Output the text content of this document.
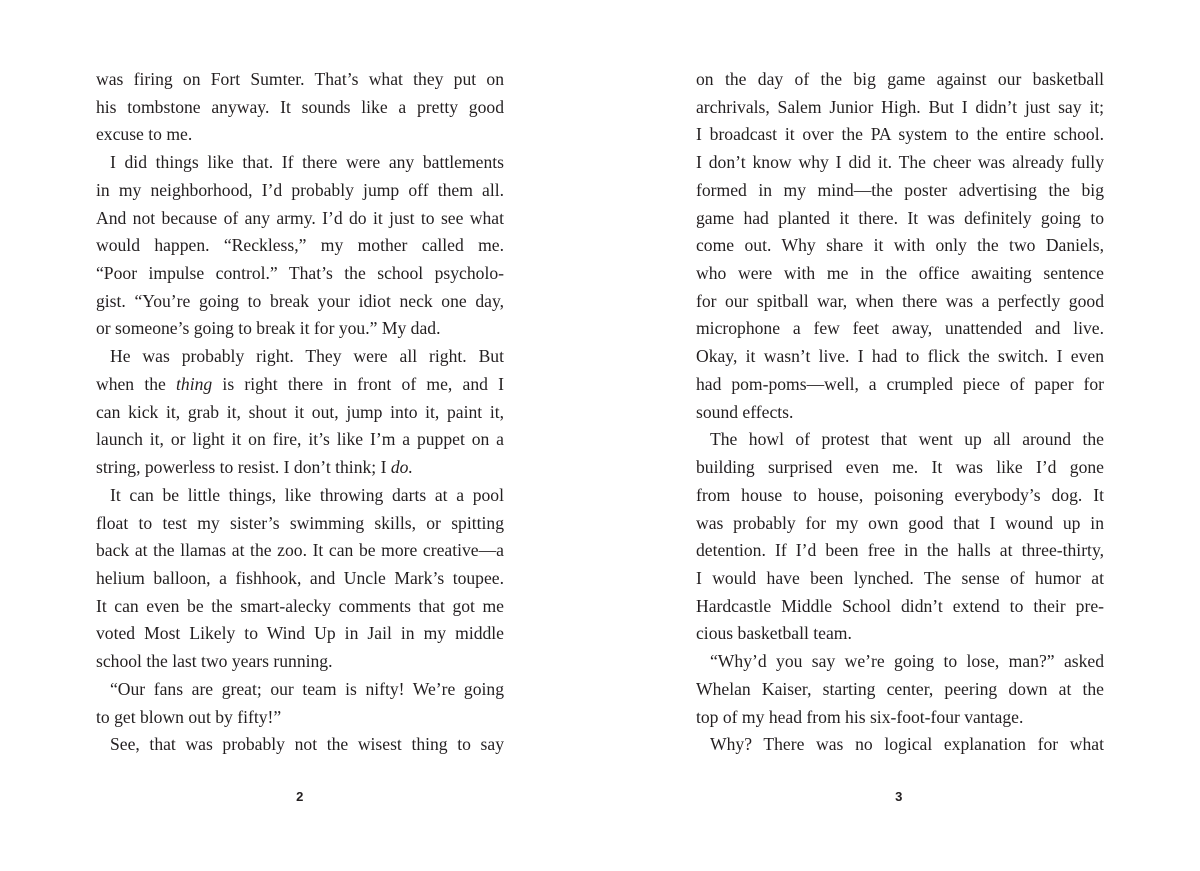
was firing on Fort Sumter. That’s what they put on
his tombstone anyway. It sounds like a pretty good
excuse to me.
I did things like that. If there were any battlements
in my neighborhood, I’d probably jump off them all.
And not because of any army. I’d do it just to see what
would happen. “Reckless,” my mother called me.
“Poor impulse control.” That’s the school psycholo-
gist. “You’re going to break your idiot neck one day,
or someone’s going to break it for you.” My dad.
He was probably right. They were all right. But
when the thing is right there in front of me, and I
can kick it, grab it, shout it out, jump into it, paint it,
launch it, or light it on fire, it’s like I’m a puppet on a
string, powerless to resist. I don’t think; I do.
It can be little things, like throwing darts at a pool
float to test my sister’s swimming skills, or spitting
back at the llamas at the zoo. It can be more creative—a
helium balloon, a fishhook, and Uncle Mark’s toupee.
It can even be the smart-alecky comments that got me
voted Most Likely to Wind Up in Jail in my middle
school the last two years running.
“Our fans are great; our team is nifty! We’re going
to get blown out by fifty!”
See, that was probably not the wisest thing to say
on the day of the big game against our basketball
archrivals, Salem Junior High. But I didn’t just say it;
I broadcast it over the PA system to the entire school.
I don’t know why I did it. The cheer was already fully
formed in my mind—the poster advertising the big
game had planted it there. It was definitely going to
come out. Why share it with only the two Daniels,
who were with me in the office awaiting sentence
for our spitball war, when there was a perfectly good
microphone a few feet away, unattended and live.
Okay, it wasn’t live. I had to flick the switch. I even
had pom-poms—well, a crumpled piece of paper for
sound effects.
The howl of protest that went up all around the
building surprised even me. It was like I’d gone
from house to house, poisoning everybody’s dog. It
was probably for my own good that I wound up in
detention. If I’d been free in the halls at three-thirty,
I would have been lynched. The sense of humor at
Hardcastle Middle School didn’t extend to their pre-
cious basketball team.
“Why’d you say we’re going to lose, man?” asked
Whelan Kaiser, starting center, peering down at the
top of my head from his six-foot-four vantage.
Why? There was no logical explanation for what
2	3
